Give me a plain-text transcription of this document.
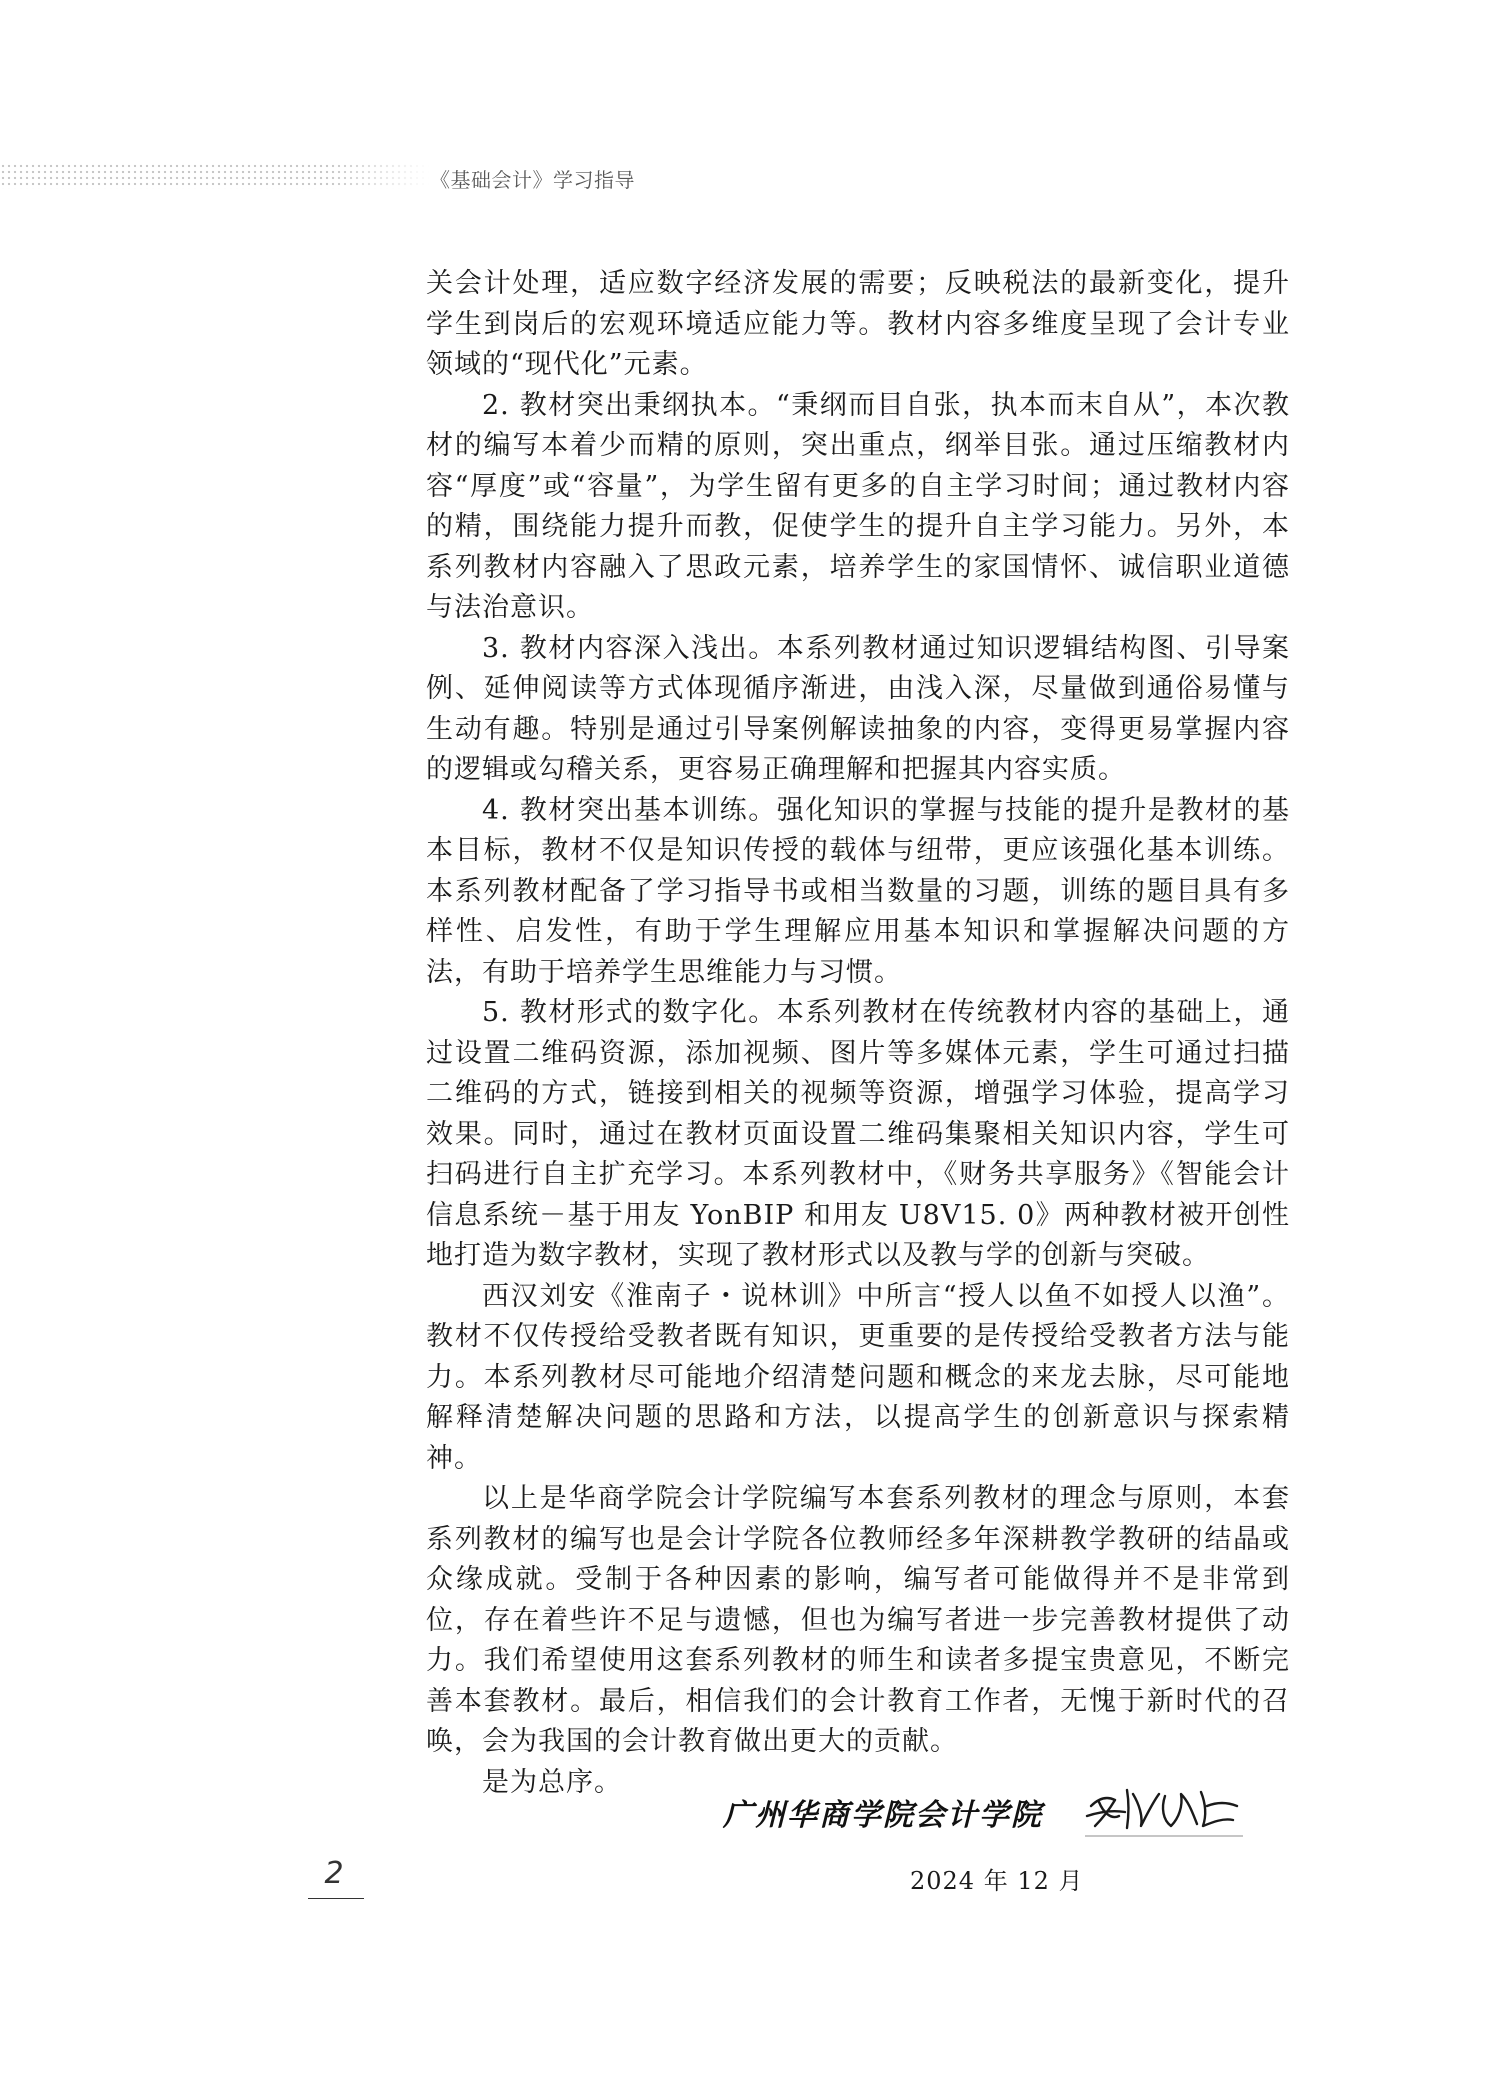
《基础会计》学习指导

关会计处理，适应数字经济发展的需要；反映税法的最新变化，提升学生到岗后的宏观环境适应能力等。教材内容多维度呈现了会计专业领域的“现代化”元素。

2. 教材突出秉纲执本。“秉纲而目自张，执本而末自从”，本次教材的编写本着少而精的原则，突出重点，纲举目张。通过压缩教材内容“厚度”或“容量”，为学生留有更多的自主学习时间；通过教材内容的精，围绕能力提升而教，促使学生的提升自主学习能力。另外，本系列教材内容融入了思政元素，培养学生的家国情怀、诚信职业道德与法治意识。

3. 教材内容深入浅出。本系列教材通过知识逻辑结构图、引导案例、延伸阅读等方式体现循序渐进，由浅入深，尽量做到通俗易懂与生动有趣。特别是通过引导案例解读抽象的内容，变得更易掌握内容的逻辑或勾稽关系，更容易正确理解和把握其内容实质。

4. 教材突出基本训练。强化知识的掌握与技能的提升是教材的基本目标，教材不仅是知识传授的载体与纽带，更应该强化基本训练。本系列教材配备了学习指导书或相当数量的习题，训练的题目具有多样性、启发性，有助于学生理解应用基本知识和掌握解决问题的方法，有助于培养学生思维能力与习惯。

5. 教材形式的数字化。本系列教材在传统教材内容的基础上，通过设置二维码资源，添加视频、图片等多媒体元素，学生可通过扫描二维码的方式，链接到相关的视频等资源，增强学习体验，提高学习效果。同时，通过在教材页面设置二维码集聚相关知识内容，学生可扫码进行自主扩充学习。本系列教材中，《财务共享服务》《智能会计信息系统－基于用友 YonBIP 和用友 U8V15. 0》两种教材被开创性地打造为数字教材，实现了教材形式以及教与学的创新与突破。

西汉刘安《淮南子・说林训》中所言“授人以鱼不如授人以渔”。教材不仅传授给受教者既有知识，更重要的是传授给受教者方法与能力。本系列教材尽可能地介绍清楚问题和概念的来龙去脉，尽可能地解释清楚解决问题的思路和方法，以提高学生的创新意识与探索精神。

以上是华商学院会计学院编写本套系列教材的理念与原则，本套系列教材的编写也是会计学院各位教师经多年深耕教学教研的结晶或众缘成就。受制于各种因素的影响，编写者可能做得并不是非常到位，存在着些许不足与遗憾，但也为编写者进一步完善教材提供了动力。我们希望使用这套系列教材的师生和读者多提宝贵意见，不断完善本套教材。最后，相信我们的会计教育工作者，无愧于新时代的召唤，会为我国的会计教育做出更大的贡献。

是为总序。

广州华商学院会计学院
2024 年 12 月
2
